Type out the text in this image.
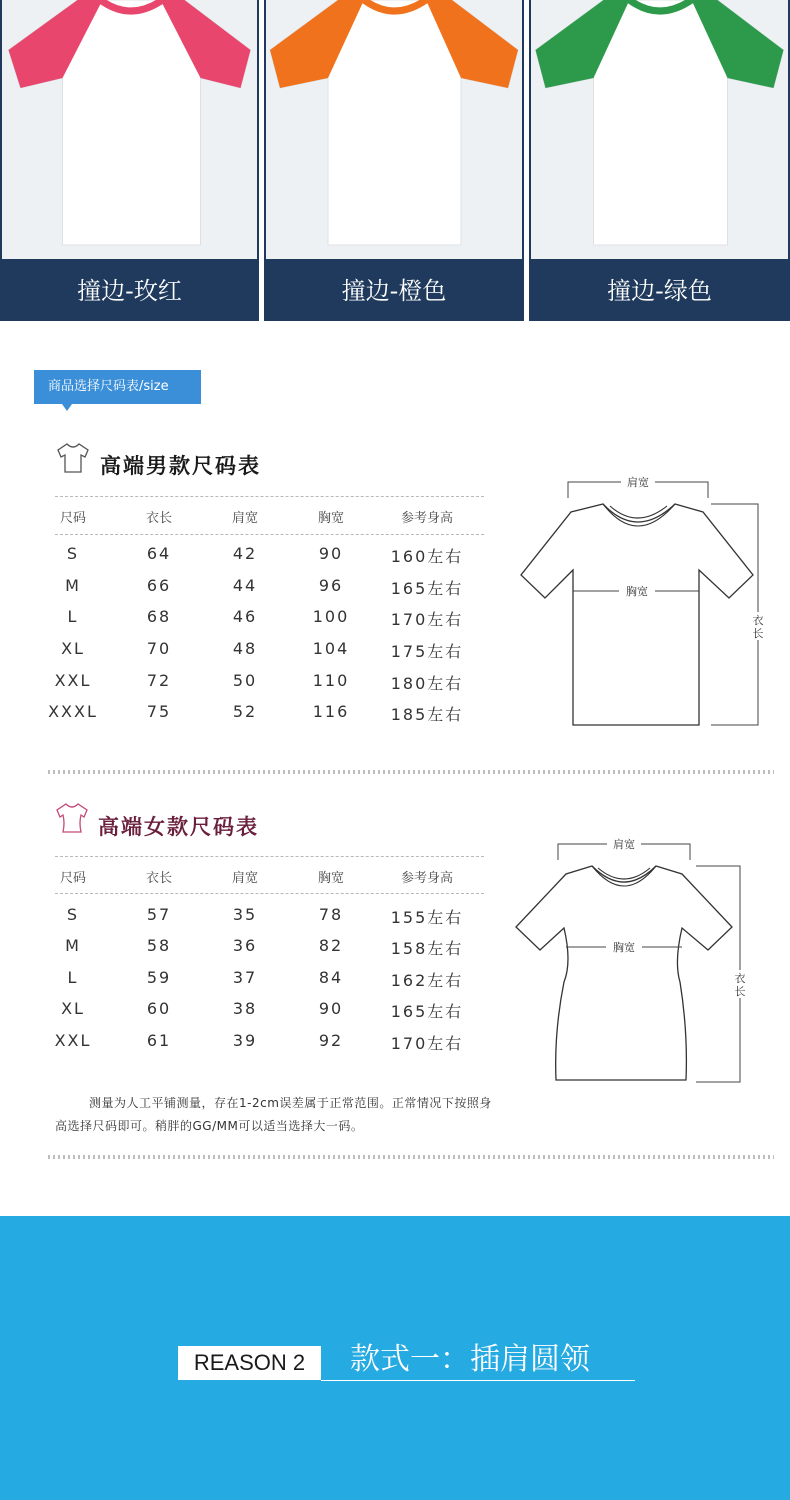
撞边-玫红	撞边-橙色	撞边-绿色
商品选择尺码表/size
高端男款尺码表
尺码	衣长	肩宽	胸宽	参考身高
S	64	42	90	160左右
M	66	44	96	165左右
L	68	46	100	170左右
XL	70	48	104	175左右
XXL	72	50	110	180左右
XXXL	75	52	116	185左右
肩宽
胸宽
衣
长
高端女款尺码表
尺码	衣长	肩宽	胸宽	参考身高
S	57	35	78	155左右
M	58	36	82	158左右
L	59	37	84	162左右
XL	60	38	90	165左右
XXL	61	39	92	170左右
肩宽
胸宽
衣
长

测量为人工平铺测量，存在1-2cm误差属于正常范围。正常情况下按照身

高选择尺码即可。稍胖的GG/MM可以适当选择大一码。

REASON 2	款式一：插肩圆领
